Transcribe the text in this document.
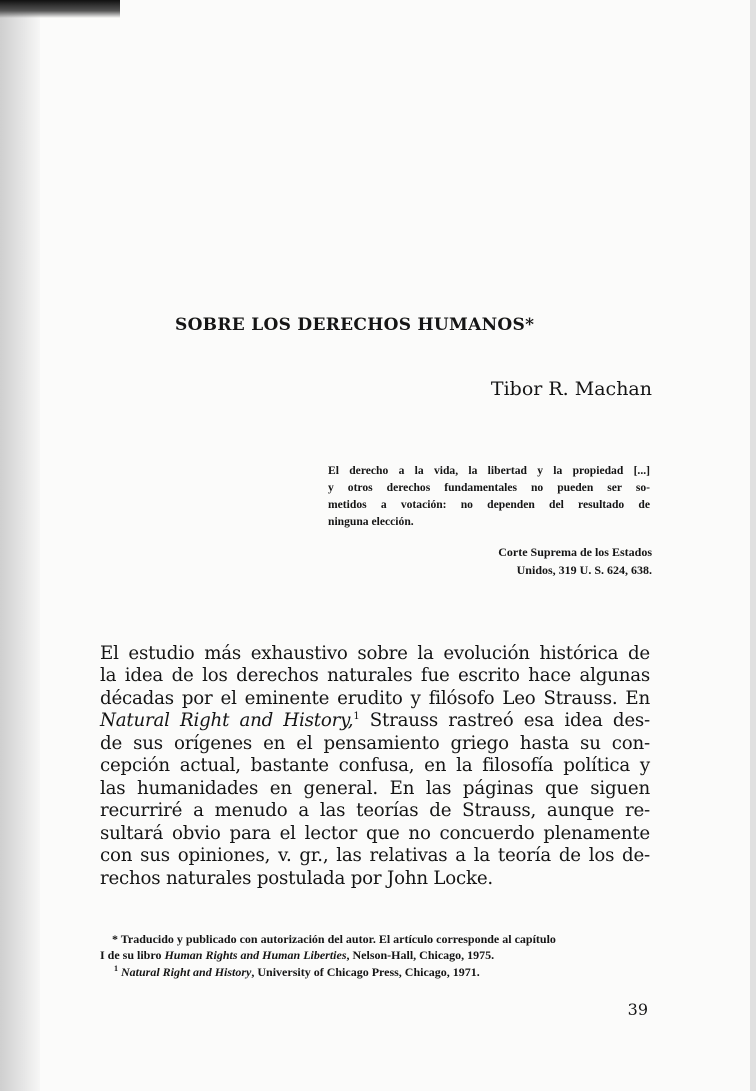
SOBRE LOS DERECHOS HUMANOS*
Tibor R. Machan
El derecho a la vida, la libertad y la propiedad [...]
y otros derechos fundamentales no pueden ser so-
metidos a votación: no dependen del resultado de
ninguna elección.
Corte Suprema de los Estados
Unidos, 319 U. S. 624, 638.
El estudio más exhaustivo sobre la evolución histórica de
la idea de los derechos naturales fue escrito hace algunas
décadas por el eminente erudito y filósofo Leo Strauss. En
Natural Right and History,$^1$ Strauss rastreó esa idea des-
de sus orígenes en el pensamiento griego hasta su con-
cepción actual, bastante confusa, en la filosofía política y
las humanidades en general. En las páginas que siguen
recurriré a menudo a las teorías de Strauss, aunque re-
sultará obvio para el lector que no concuerdo plenamente
con sus opiniones, v. gr., las relativas a la teoría de los de-
rechos naturales postulada por John Locke.
* Traducido y publicado con autorización del autor. El artículo corresponde al capítulo
I de su libro Human Rights and Human Liberties, Nelson-Hall, Chicago, 1975.
$^1$ Natural Right and History, University of Chicago Press, Chicago, 1971.
39
